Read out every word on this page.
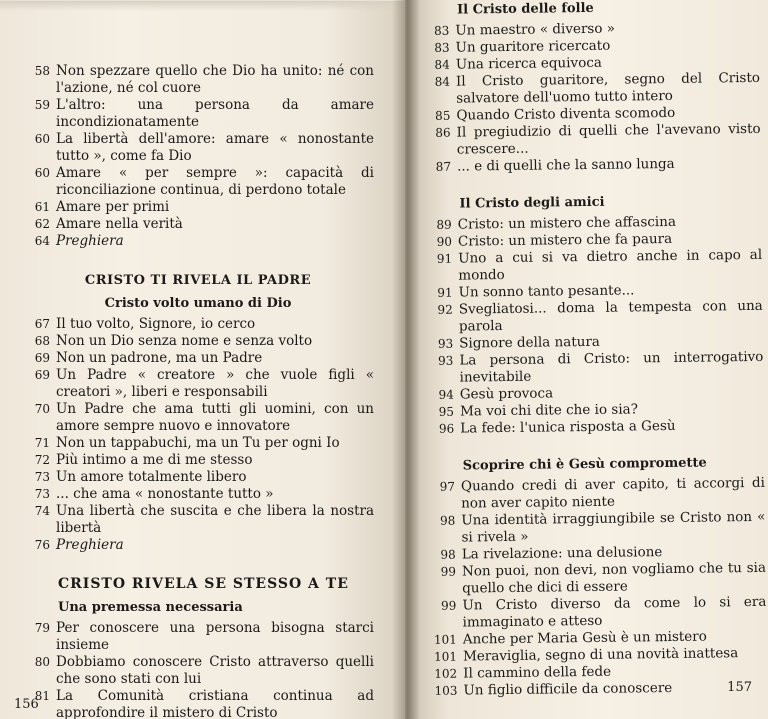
58 Non spezzare quello che Dio ha unito: né con l'azione, né col cuore
59 L'altro: una persona da amare incondizionatamente
60 La libertà dell'amore: amare « nonostante tutto », come fa Dio
60 Amare « per sempre »: capacità di riconciliazione continua, di perdono totale
61 Amare per primi
62 Amare nella verità
64 Preghiera
CRISTO TI RIVELA IL PADRE
Cristo volto umano di Dio
67 Il tuo volto, Signore, io cerco
68 Non un Dio senza nome e senza volto
69 Non un padrone, ma un Padre
69 Un Padre « creatore » che vuole figli « creatori », liberi e responsabili
70 Un Padre che ama tutti gli uomini, con un amore sempre nuovo e innovatore
71 Non un tappabuchi, ma un Tu per ogni Io
72 Più intimo a me di me stesso
73 Un amore totalmente libero
73 ... che ama « nonostante tutto »
74 Una libertà che suscita e che libera la nostra libertà
76 Preghiera
CRISTO RIVELA SE STESSO A TE
Una premessa necessaria
79 Per conoscere una persona bisogna starci insieme
80 Dobbiamo conoscere Cristo attraverso quelli che sono stati con lui
81 La Comunità cristiana continua ad approfondire il mistero di Cristo
156
Il Cristo delle folle
83 Un maestro « diverso »
83 Un guaritore ricercato
84 Una ricerca equivoca
84 Il Cristo guaritore, segno del Cristo salvatore dell'uomo tutto intero
85 Quando Cristo diventa scomodo
86 Il pregiudizio di quelli che l'avevano visto crescere...
87 ... e di quelli che la sanno lunga
Il Cristo degli amici
89 Cristo: un mistero che affascina
90 Cristo: un mistero che fa paura
91 Uno a cui si va dietro anche in capo al mondo
91 Un sonno tanto pesante...
92 Svegliatosi... doma la tempesta con una parola
93 Signore della natura
93 La persona di Cristo: un interrogativo inevitabile
94 Gesù provoca
95 Ma voi chi dite che io sia?
96 La fede: l'unica risposta a Gesù
Scoprire chi è Gesù compromette
97 Quando credi di aver capito, ti accorgi di non aver capito niente
98 Una identità irraggiungibile se Cristo non « si rivela »
98 La rivelazione: una delusione
99 Non puoi, non devi, non vogliamo che tu sia quello che dici di essere
99 Un Cristo diverso da come lo si era immaginato e atteso
101 Anche per Maria Gesù è un mistero
101 Meraviglia, segno di una novità inattesa
102 Il cammino della fede
103 Un figlio difficile da conoscere	157
